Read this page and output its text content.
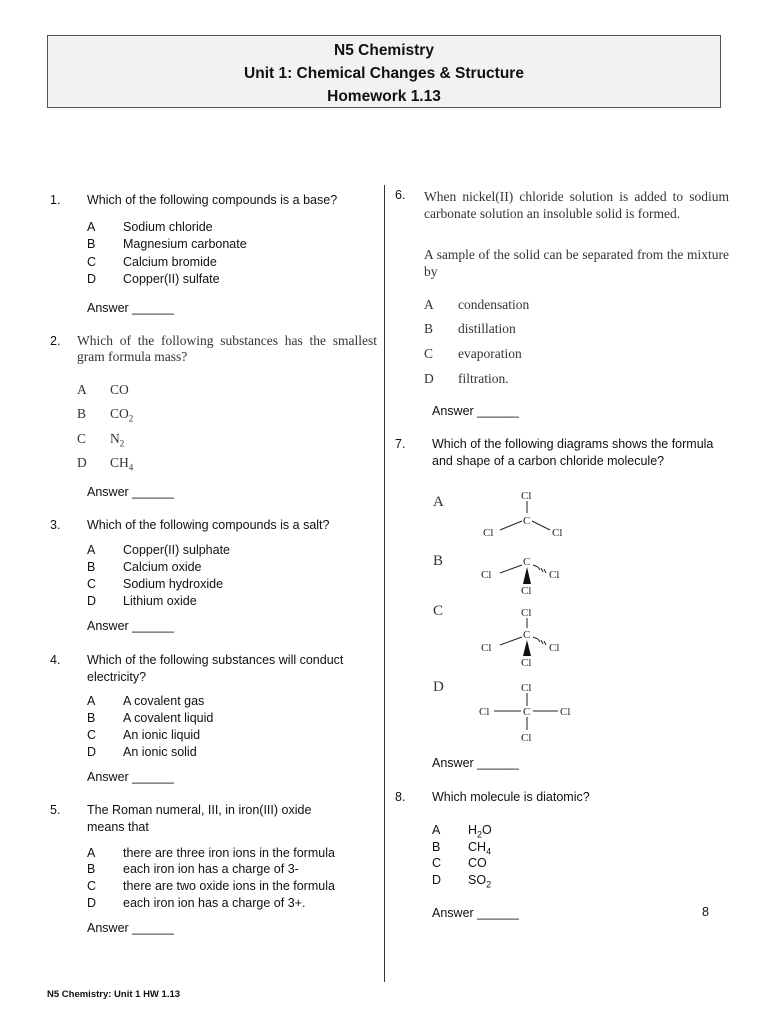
N5 Chemistry
Unit 1: Chemical Changes & Structure
Homework 1.13
1. Which of the following compounds is a base?
A Sodium chloride
B Magnesium carbonate
C Calcium bromide
D Copper(II) sulfate
Answer ______
2. Which of the following substances has the smallest gram formula mass?
A CO
B $CO_2$
C $N_2$
D $CH_4$
Answer ______
3. Which of the following compounds is a salt?
A Copper(II) sulphate
B Calcium oxide
C Sodium hydroxide
D Lithium oxide
Answer ______
4. Which of the following substances will conduct electricity?
A A covalent gas
B A covalent liquid
C An ionic liquid
D An ionic solid
Answer ______
5. The Roman numeral, III, in iron(III) oxide means that
A there are three iron ions in the formula
B each iron ion has a charge of 3-
C there are two oxide ions in the formula
D each iron ion has a charge of 3+.
Answer ______
6. When nickel(II) chloride solution is added to sodium carbonate solution an insoluble solid is formed.
A sample of the solid can be separated from the mixture by
A condensation
B distillation
C evaporation
D filtration.
Answer ______
7. Which of the following diagrams shows the formula and shape of a carbon chloride molecule?
A
B
C
D
Cl
C
Cl	Cl
C
Cl	Cl
Cl
Cl
C
Cl	Cl
Cl
Cl
C
Cl	Cl
Cl
Answer ______
8. Which molecule is diatomic?
A $H_2O$
B $CH_4$
C CO
D $SO_2$
Answer ______	8
N5 Chemistry: Unit 1 HW 1.13
